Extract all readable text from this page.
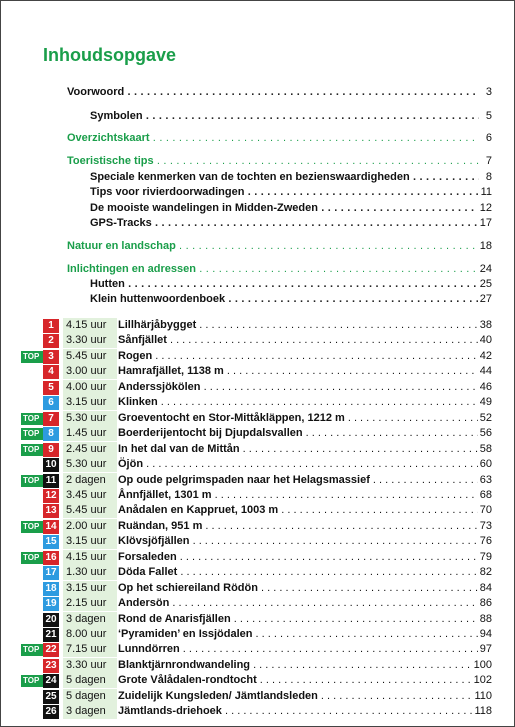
Inhoudsopgave
Voorwoord . . .	3
Symbolen . . .	5
Overzichtskaart . . .	6
Toeristische tips . . .	7
Speciale kenmerken van de tochten en bezienswaardigheden . . .	8
Tips voor rivierdoorwadingen . . .	11
De mooiste wandelingen in Midden-Zweden . . .	12
GPS-Tracks . . .	17
Natuur en landschap . . .	18
Inlichtingen en adressen . . .	24
Hutten . . .	25
Klein huttenwoordenboek . . .	27
1	4.15 uur	Lillhärjåbygget . . .	38
2	3.30 uur	Sånfjället . . .	40
TOP 3	5.45 uur	Rogen . . .	42
4	3.00 uur	Hamrafjället, 1138 m . . .	44
5	4.00 uur	Anderssjökölen . . .	46
6	3.15 uur	Klinken . . .	49
TOP 7	5.30 uur	Groeventocht en Stor-Mittåkläppen, 1212 m . . .	52
TOP 8	1.45 uur	Boerderijentocht bij Djupdalsvallen . . .	56
TOP 9	2.45 uur	In het dal van de Mittån . . .	58
10 5.30 uur	Öjön . . .	60
TOP 11 2 dagen	Op oude pelgrimspaden naar het Helagsmassief . . .	63
12 3.45 uur	Ånnfjället, 1301 m . . .	68
13 5.45 uur	Anådalen en Kappruet, 1003 m . . .	70
TOP 14 2.00 uur	Ruändan, 951 m . . .	73
15 3.15 uur	Klövsjöfjällen . . .	76
TOP 16 4.15 uur	Forsaleden . . .	79
17 1.30 uur	Döda Fallet . . .	82
18 3.15 uur	Op het schiereiland Rödön . . .	84
19 2.15 uur	Andersön . . .	86
20 3 dagen	Rond de Anarisfjällen . . .	88
21 8.00 uur	‘Pyramiden’ en Issjödalen . . .	94
TOP 22 7.15 uur	Lunndörren . . .	97
23 3.30 uur	Blanktjärnrondwandeling . . .	100
TOP 24 5 dagen	Grote Vålådalen-rondtocht . . .	102
25 5 dagen	Zuidelijk Kungsleden/ Jämtlandsleden . . .	110
26 3 dagen	Jämtlands-driehoek . . .	118
